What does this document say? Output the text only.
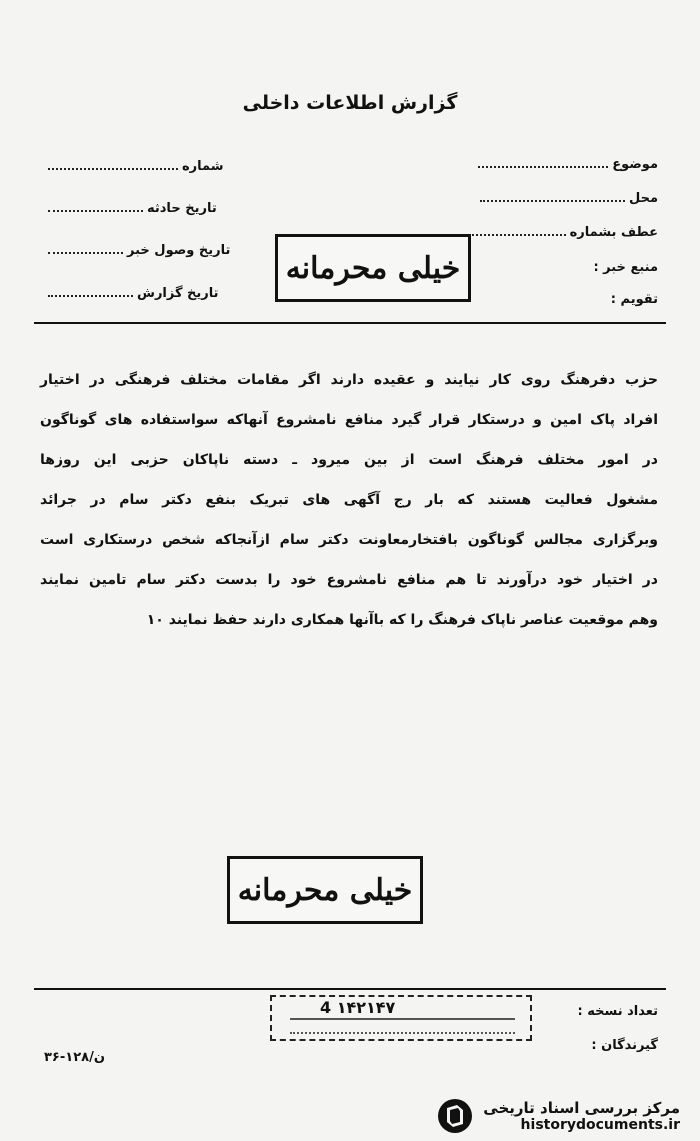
گزارش اطلاعات داخلی
شماره
تاریخ حادثه
تاریخ وصول خبر
تاریخ گزارش
موضوع
محل
عطف بشماره
منبع خبر :
تقویم :
خیلی محرمانه

حزب دفرهنگ روی کار نیایند و عقیده دارند اگر مقامات مختلف فرهنگی در اختیار

افراد پاک امین و درستکار قرار گیرد منافع نامشروع آنهاکه سواستفاده های گوناگون

در امور مختلف فرهنگ است از بین میرود ـ دسته ناپاکان حزبی این روزها

مشغول فعالیت هستند که بار رج آگهی های تبریک بنفع دکتر سام در جرائد

وبرگزاری مجالس گوناگون بافتخارمعاونت دکتر سام ازآنجاکه شخص درستکاری است

در اختیار خود درآورند تا هم منافع نامشروع خود را بدست دکتر سام تامین نمایند

وهم موقعیت عناصر ناپاک فرهنگ را که باآنها همکاری دارند حفظ نمایند ۱۰

خیلی محرمانه
4 ۱۴۲۱۴۷	تعداد نسخه :
گیرندگان :
۳۶-۱۲۸/ن
مرکز بررسی اسناد تاریخی
historydocuments.ir
